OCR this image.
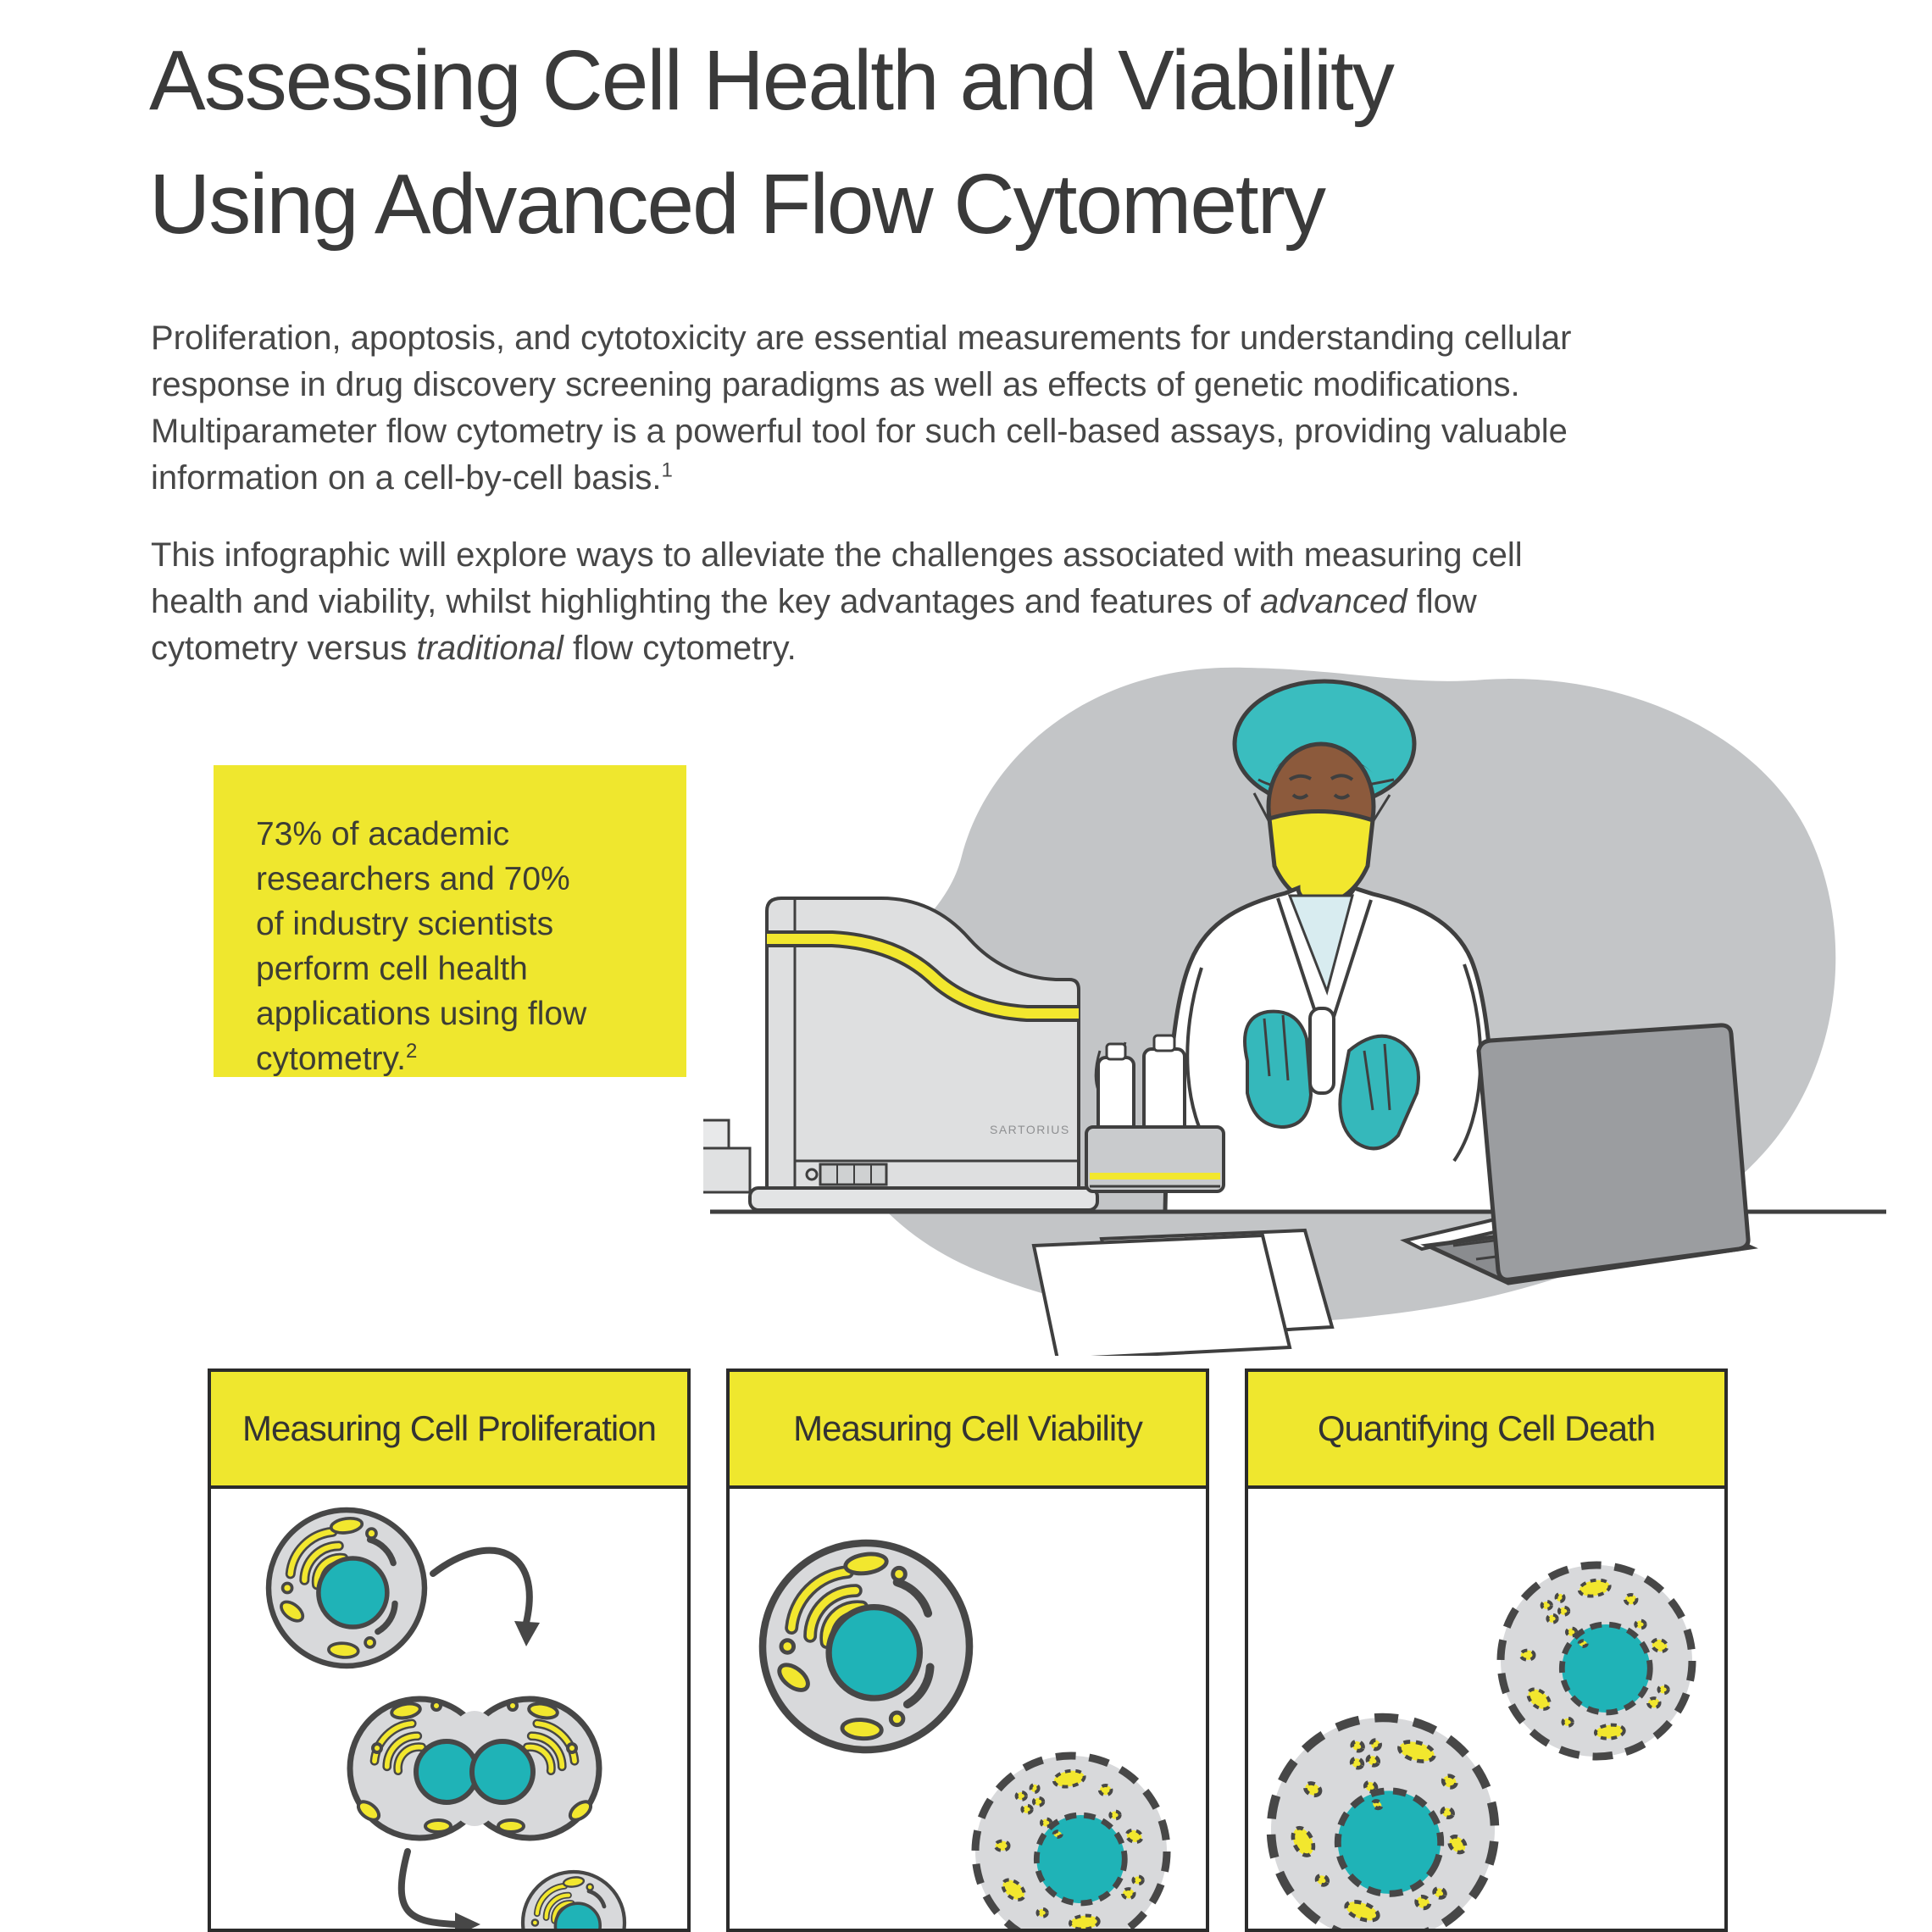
Assessing Cell Health and Viability
Using Advanced Flow Cytometry
Proliferation, apoptosis, and cytotoxicity are essential measurements for understanding cellular
response in drug discovery screening paradigms as well as effects of genetic modifications.
Multiparameter flow cytometry is a powerful tool for such cell-based assays, providing valuable
information on a cell-by-cell basis.$^1$
This infographic will explore ways to alleviate the challenges associated with measuring cell
health and viability, whilst highlighting the key advantages and features of advanced flow
cytometry versus traditional flow cytometry.
73% of academic
researchers and 70%
of industry scientists
perform cell health
applications using flow
cytometry.$^2$
SARTORIUS
Measuring Cell Proliferation	Measuring Cell Viability	Quantifying Cell Death
